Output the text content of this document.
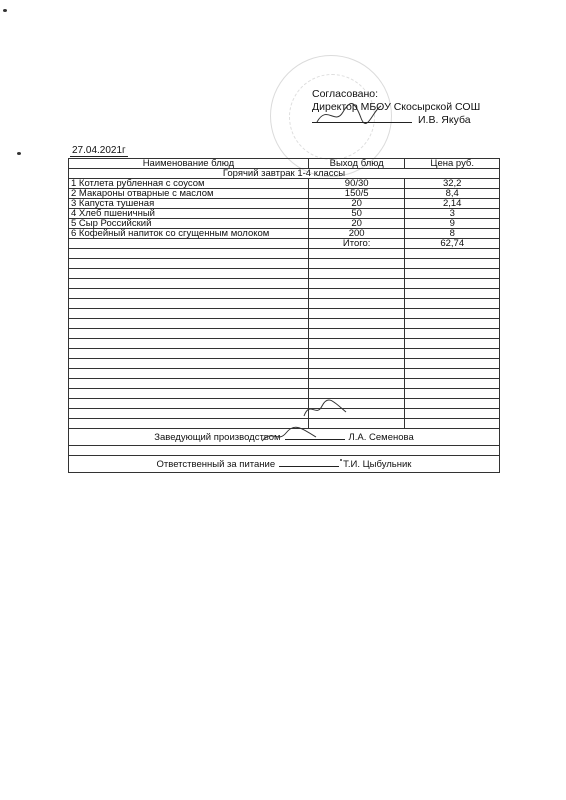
Согласовано:
Директор МБОУ Скосырской СОШ
И.В. Якуба
27.04.2021г
Наименование блюд	Выход блюд	Цена руб.
Горячий завтрак 1-4 классы		
1 Котлета рубленная с соусом	90/30	32,2
2 Макароны отварные с маслом	150/5	8,4
3 Капуста тушеная	20	2,14
4 Хлеб пшеничный	50	3
5 Сыр Российский	20	9
6 Кофейный напиток со сгущенным молоком	200	8
	Итого:	62,74

Заведующий производством Л.А. Семенова		

Ответственный за питание Т.И. Цыбульник		
